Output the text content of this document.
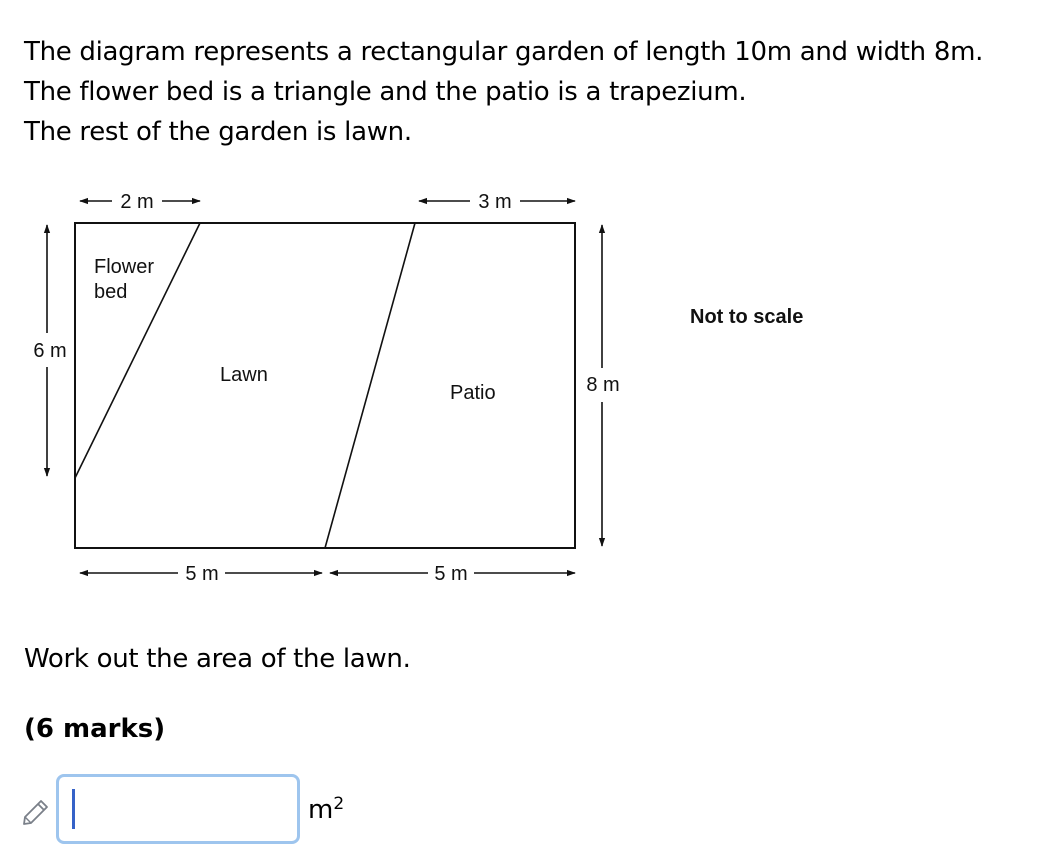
The diagram represents a rectangular garden of length 10m and width 8m.
The flower bed is a triangle and the patio is a trapezium.
The rest of the garden is lawn.
2 m	3 m
6 m
8 m
5 m	5 m
Flower
bed
Lawn
Patio
Not to scale
Work out the area of the lawn.
(6 marks)
$m^2$
